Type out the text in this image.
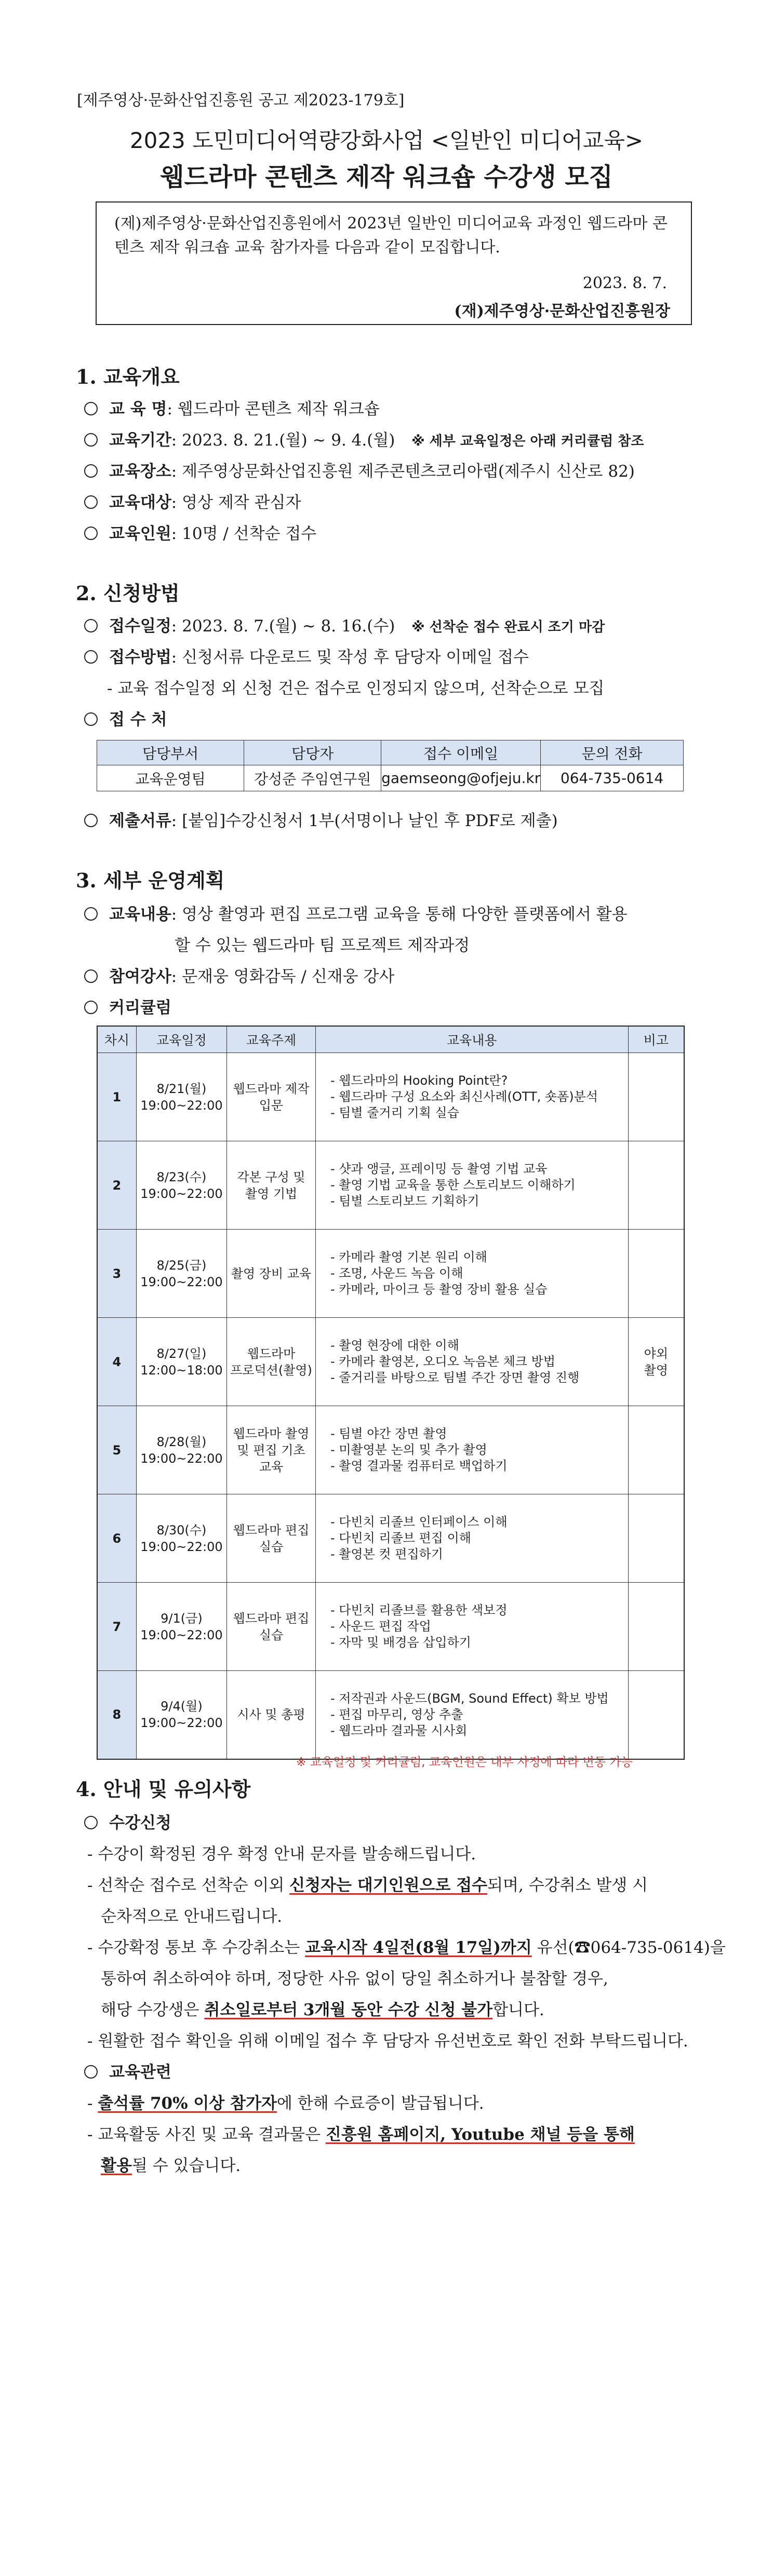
[제주영상·문화산업진흥원 공고 제2023-179호]
2023 도민미디어역량강화사업 <일반인 미디어교육>
웹드라마 콘텐츠 제작 워크숍 수강생 모집
(제)제주영상·문화산업진흥원에서 2023년 일반인 미디어교육 과정인 웹드라마 콘텐츠 제작 워크숍 교육 참가자를 다음과 같이 모집합니다.
2023. 8. 7.
(재)제주영상·문화산업진흥원장
1. 교육개요
교 육 명: 웹드라마 콘텐츠 제작 워크숍
교육기간: 2023. 8. 21.(월) ~ 9. 4.(월) ※ 세부 교육일정은 아래 커리큘럼 참조
교육장소: 제주영상문화산업진흥원 제주콘텐츠코리아랩(제주시 신산로 82)
교육대상: 영상 제작 관심자
교육인원: 10명 / 선착순 접수
2. 신청방법
접수일정: 2023. 8. 7.(월) ~ 8. 16.(수) ※ 선착순 접수 완료시 조기 마감
접수방법: 신청서류 다운로드 및 작성 후 담당자 이메일 접수
- 교육 접수일정 외 신청 건은 접수로 인정되지 않으며, 선착순으로 모집
접 수 처
담당부서	담당자	접수 이메일	문의 전화
교육운영팀	강성준 주임연구원	gaemseong@ofjeju.kr	064-735-0614
제출서류: [붙임]수강신청서 1부(서명이나 날인 후 PDF로 제출)
3. 세부 운영계획
교육내용: 영상 촬영과 편집 프로그램 교육을 통해 다양한 플랫폼에서 활용
할 수 있는 웹드라마 팀 프로젝트 제작과정
참여강사: 문재웅 영화감독 / 신재웅 강사
커리큘럼
차시	교육일정	교육주제	교육내용	비고
1	8/21(월)
19:00~22:00	웹드라마 제작
입문	- 웹드라마의 Hooking Point란?
- 웹드라마 구성 요소와 최신사례(OTT, 숏폼)분석
- 팀별 줄거리 기획 실습	

2	8/23(수)
19:00~22:00	각본 구성 및
촬영 기법	- 샷과 앵글, 프레이밍 등 촬영 기법 교육
- 촬영 기법 교육을 통한 스토리보드 이해하기
- 팀별 스토리보드 기획하기	

3	8/25(금)
19:00~22:00	촬영 장비 교육	- 카메라 촬영 기본 원리 이해
- 조명, 사운드 녹음 이해
- 카메라, 마이크 등 촬영 장비 활용 실습	
4	8/27(일)
12:00~18:00	웹드라마
프로덕션(촬영)	- 촬영 현장에 대한 이해
- 카메라 촬영본, 오디오 녹음본 체크 방법
- 줄거리를 바탕으로 팀별 주간 장면 촬영 진행	야외
촬영
5	8/28(월)
19:00~22:00	웹드라마 촬영
및 편집 기초
교육	- 팀별 야간 장면 촬영
- 미촬영분 논의 및 추가 촬영
- 촬영 결과물 컴퓨터로 백업하기	
6	8/30(수)
19:00~22:00	웹드라마 편집
실습	- 다빈치 리졸브 인터페이스 이해
- 다빈치 리졸브 편집 이해
- 촬영본 컷 편집하기	
7	9/1(금)
19:00~22:00	웹드라마 편집
실습	- 다빈치 리졸브를 활용한 색보정
- 사운드 편집 작업
- 자막 및 배경음 삽입하기	
8	9/4(월)
19:00~22:00	시사 및 총평	- 저작권과 사운드(BGM, Sound Effect) 확보 방법
- 편집 마무리, 영상 추출
- 웹드라마 결과물 시사회	
※ 교육일정 및 커리큘럼, 교육인원은 내부 사정에 따라 변동 가능
4. 안내 및 유의사항
수강신청
- 수강이 확정된 경우 확정 안내 문자를 발송해드립니다.
- 선착순 접수로 선착순 이외 신청자는 대기인원으로 접수되며, 수강취소 발생 시
순차적으로 안내드립니다.
- 수강확정 통보 후 수강취소는 교육시작 4일전(8월 17일)까지 유선(☎064-735-0614)을
통하여 취소하여야 하며, 정당한 사유 없이 당일 취소하거나 불참할 경우,
해당 수강생은 취소일로부터 3개월 동안 수강 신청 불가합니다.
- 원활한 접수 확인을 위해 이메일 접수 후 담당자 유선번호로 확인 전화 부탁드립니다.
교육관련
- 출석률 70% 이상 참가자에 한해 수료증이 발급됩니다.
- 교육활동 사진 및 교육 결과물은 진흥원 홈페이지, Youtube 채널 등을 통해
활용될 수 있습니다.
